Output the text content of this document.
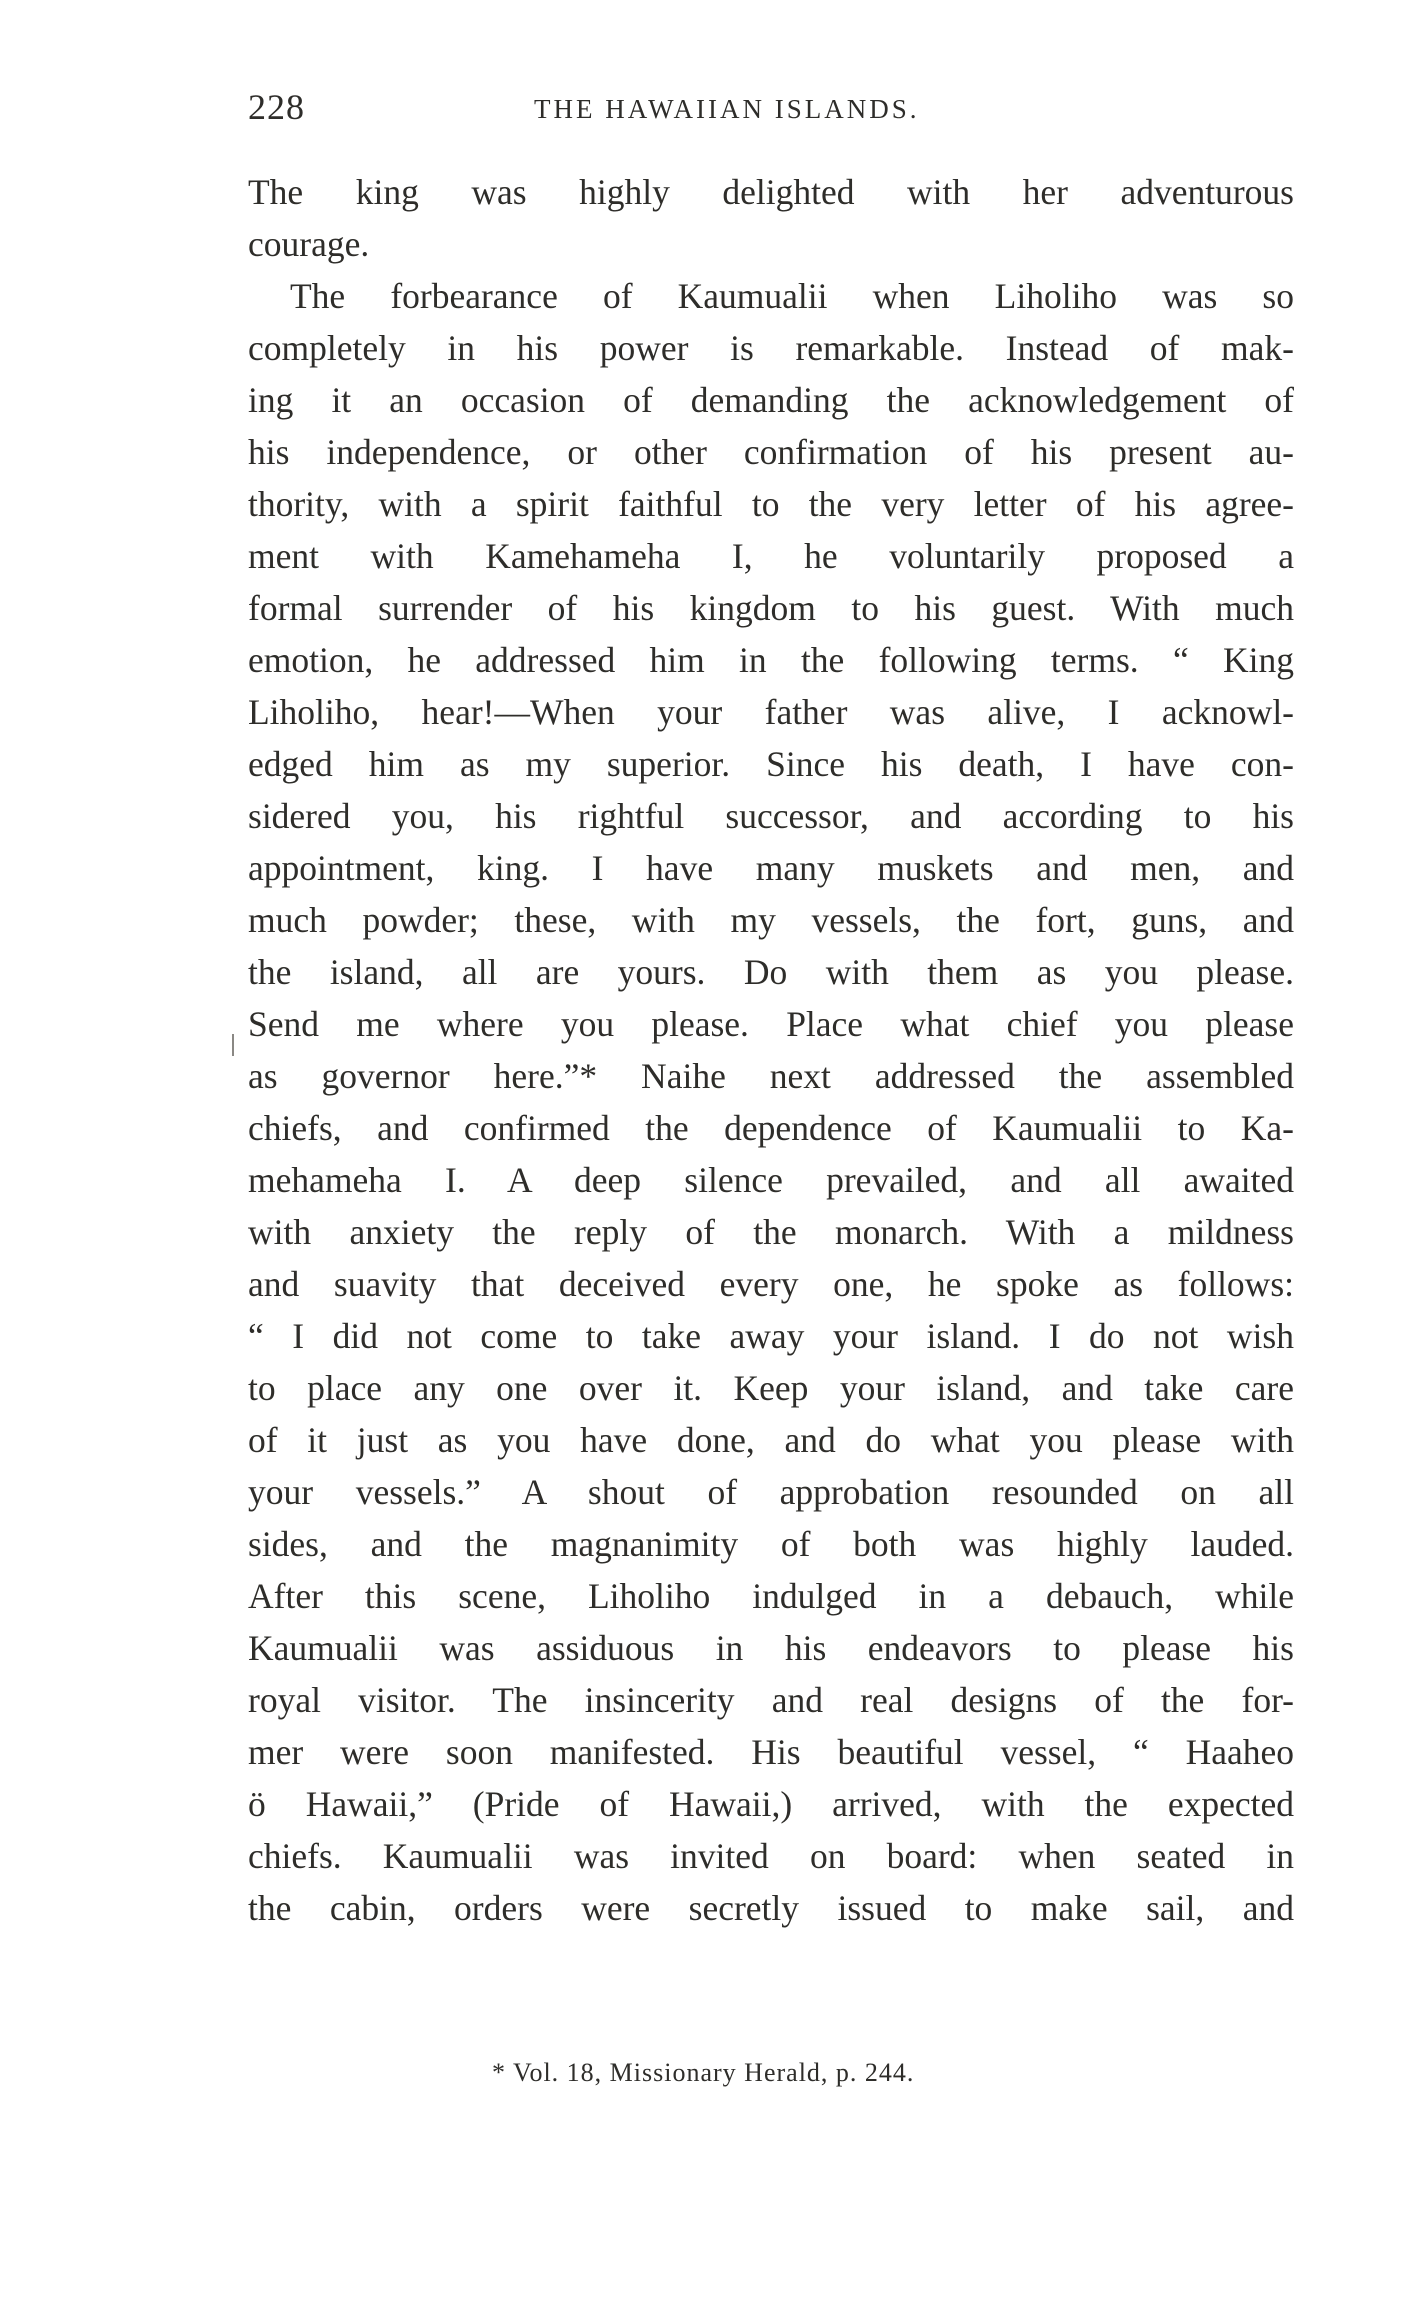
228	THE HAWAIIAN ISLANDS.
The king was highly delighted with her adventurous
courage.
The forbearance of Kaumualii when Liholiho was so
completely in his power is remarkable. Instead of mak-
ing it an occasion of demanding the acknowledgement of
his independence, or other confirmation of his present au-
thority, with a spirit faithful to the very letter of his agree-
ment with Kamehameha I, he voluntarily proposed a
formal surrender of his kingdom to his guest. With much
emotion, he addressed him in the following terms. “ King
Liholiho, hear!—When your father was alive, I acknowl-
edged him as my superior. Since his death, I have con-
sidered you, his rightful successor, and according to his
appointment, king. I have many muskets and men, and
much powder; these, with my vessels, the fort, guns, and
the island, all are yours. Do with them as you please.
Send me where you please. Place what chief you please
as governor here.”* Naihe next addressed the assembled
chiefs, and confirmed the dependence of Kaumualii to Ka-
mehameha I. A deep silence prevailed, and all awaited
with anxiety the reply of the monarch. With a mildness
and suavity that deceived every one, he spoke as follows:
“ I did not come to take away your island. I do not wish
to place any one over it. Keep your island, and take care
of it just as you have done, and do what you please with
your vessels.” A shout of approbation resounded on all
sides, and the magnanimity of both was highly lauded.
After this scene, Liholiho indulged in a debauch, while
Kaumualii was assiduous in his endeavors to please his
royal visitor. The insincerity and real designs of the for-
mer were soon manifested. His beautiful vessel, “ Haaheo
ö Hawaii,” (Pride of Hawaii,) arrived, with the expected
chiefs. Kaumualii was invited on board: when seated in
the cabin, orders were secretly issued to make sail, and
* Vol. 18, Missionary Herald, p. 244.
